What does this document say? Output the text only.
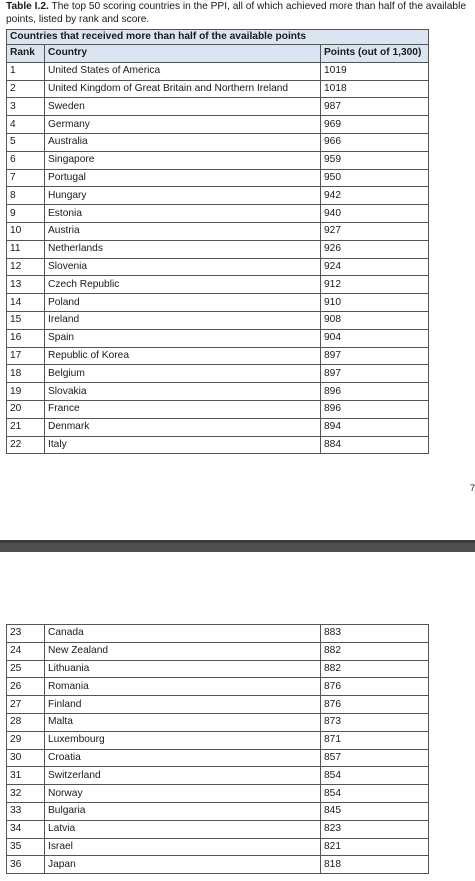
Table I.2. The top 50 scoring countries in the PPI, all of which achieved more than half of the available points, listed by rank and score.
Countries that received more than half of the available points		
Rank	Country	Points (out of 1,300)
1	United States of America	1019
2	United Kingdom of Great Britain and Northern Ireland	1018
3	Sweden	987
4	Germany	969
5	Australia	966
6	Singapore	959
7	Portugal	950
8	Hungary	942
9	Estonia	940
10	Austria	927
11	Netherlands	926
12	Slovenia	924
13	Czech Republic	912
14	Poland	910
15	Ireland	908
16	Spain	904
17	Republic of Korea	897
18	Belgium	897
19	Slovakia	896
20	France	896
21	Denmark	894
22	Italy	884
7
23	Canada	883
24	New Zealand	882
25	Lithuania	882
26	Romania	876
27	Finland	876
28	Malta	873
29	Luxembourg	871
30	Croatia	857
31	Switzerland	854
32	Norway	854
33	Bulgaria	845
34	Latvia	823
35	Israel	821
36	Japan	818
